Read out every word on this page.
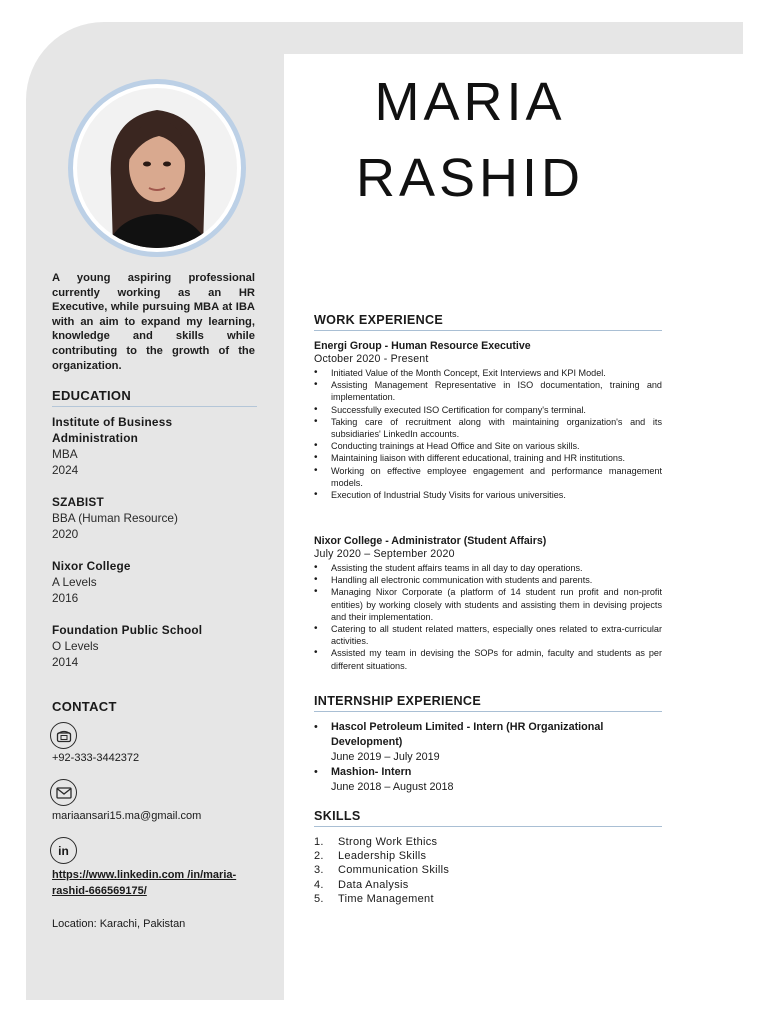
A young aspiring professional currently working as an HR Executive, while pursuing MBA at IBA with an aim to expand my learning, knowledge and skills while contributing to the growth of the organization.

EDUCATION
Institute of Business Administration
MBA
2024
SZABIST
BBA (Human Resource)
2020
Nixor College
A Levels
2016
Foundation Public School
O Levels
2014
CONTACT
+92-333-3442372
mariaansari15.ma@gmail.com
in
https://www.linkedin.com /in/maria-rashid-666569175/
Location: Karachi, Pakistan
MARIA
RASHID
WORK EXPERIENCE
Energi Group - Human Resource Executive
October 2020 - Present
• Initiated Value of the Month Concept, Exit Interviews and KPI Model.
• Assisting Management Representative in ISO documentation, training and implementation.
• Successfully executed ISO Certification for company's terminal.
• Taking care of recruitment along with maintaining organization's and its subsidiaries' LinkedIn accounts.
• Conducting trainings at Head Office and Site on various skills.
• Maintaining liaison with different educational, training and HR institutions.
• Working on effective employee engagement and performance management models.
• Execution of Industrial Study Visits for various universities.
Nixor College - Administrator (Student Affairs)
July 2020 – September 2020
• Assisting the student affairs teams in all day to day operations.
• Handling all electronic communication with students and parents.
• Managing Nixor Corporate (a platform of 14 student run profit and non-profit entities) by working closely with students and assisting them in devising projects and their implementation.
• Catering to all student related matters, especially ones related to extra-curricular activities.
• Assisted my team in devising the SOPs for admin, faculty and students as per different situations.
INTERNSHIP EXPERIENCE
• Hascol Petroleum Limited - Intern (HR Organizational Development)
June 2019 – July 2019
• Mashion- Intern
June 2018 – August 2018
SKILLS
1.	Strong Work Ethics
2.	Leadership Skills
3.	Communication Skills
4.	Data Analysis
5.	Time Management
